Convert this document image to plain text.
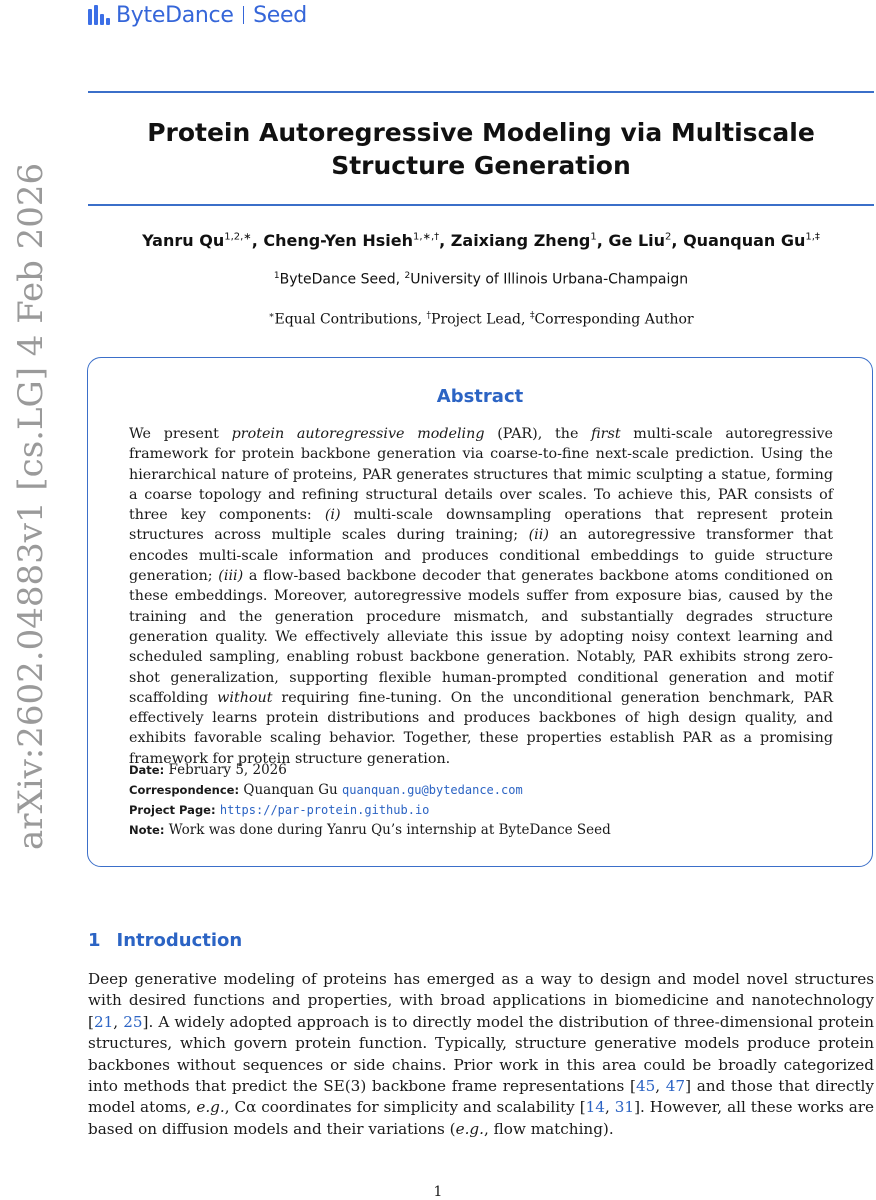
ByteDance Seed
Protein Autoregressive Modeling via Multiscale Structure Generation
Yanru $Qu^{1,2,∗}$, Cheng-Yen Hsieh$^{1,∗,\dagger}$, Zaixiang Zheng$^1$, Ge Liu$^2$, Quanquan $Gu^{1,\ddagger}$
$^1$ByteDance Seed, $^2$University of Illinois Urbana-Champaign
∗Equal Contributions, †Project Lead, ‡Corresponding Author
Abstract
We present protein autoregressive modeling (PAR), the first multi-scale autoregressive framework for protein backbone generation via coarse-to-fine next-scale prediction. Using the hierarchical nature of proteins, PAR generates structures that mimic sculpting a statue, forming a coarse topology and refining structural details over scales. To achieve this, PAR consists of three key components: (i) multi-scale downsampling operations that represent protein structures across multiple scales during training; (ii) an autoregressive transformer that encodes multi-scale information and produces conditional embeddings to guide structure generation; (iii) a flow-based backbone decoder that generates backbone atoms conditioned on these embeddings. Moreover, autoregressive models suffer from exposure bias, caused by the training and the generation procedure mismatch, and substantially degrades structure generation quality. We effectively alleviate this issue by adopting noisy context learning and scheduled sampling, enabling robust backbone generation. Notably, PAR exhibits strong zero-shot generalization, supporting flexible human-prompted conditional generation and motif scaffolding without requiring fine-tuning. On the unconditional generation benchmark, PAR effectively learns protein distributions and produces backbones of high design quality, and exhibits favorable scaling behavior. Together, these properties establish PAR as a promising framework for protein structure generation.
Date: February 5, 2026
Correspondence: Quanquan Gu quanquan.gu@bytedance.com
Project Page: https://par-protein.github.io
Note: Work was done during Yanru Qu’s internship at ByteDance Seed
arXiv:2602.04883v1 [cs.LG] 4 Feb 2026
1 Introduction
Deep generative modeling of proteins has emerged as a way to design and model novel structures with desired functions and properties, with broad applications in biomedicine and nanotechnology [21, 25]. A widely adopted approach is to directly model the distribution of three-dimensional protein structures, which govern protein function. Typically, structure generative models produce protein backbones without sequences or side chains. Prior work in this area could be broadly categorized into methods that predict the SE(3) backbone frame representations [45, 47] and those that directly model atoms, e.g., Cα coordinates for simplicity and scalability [14, 31]. However, all these works are based on diffusion models and their variations (e.g., flow matching).
1
